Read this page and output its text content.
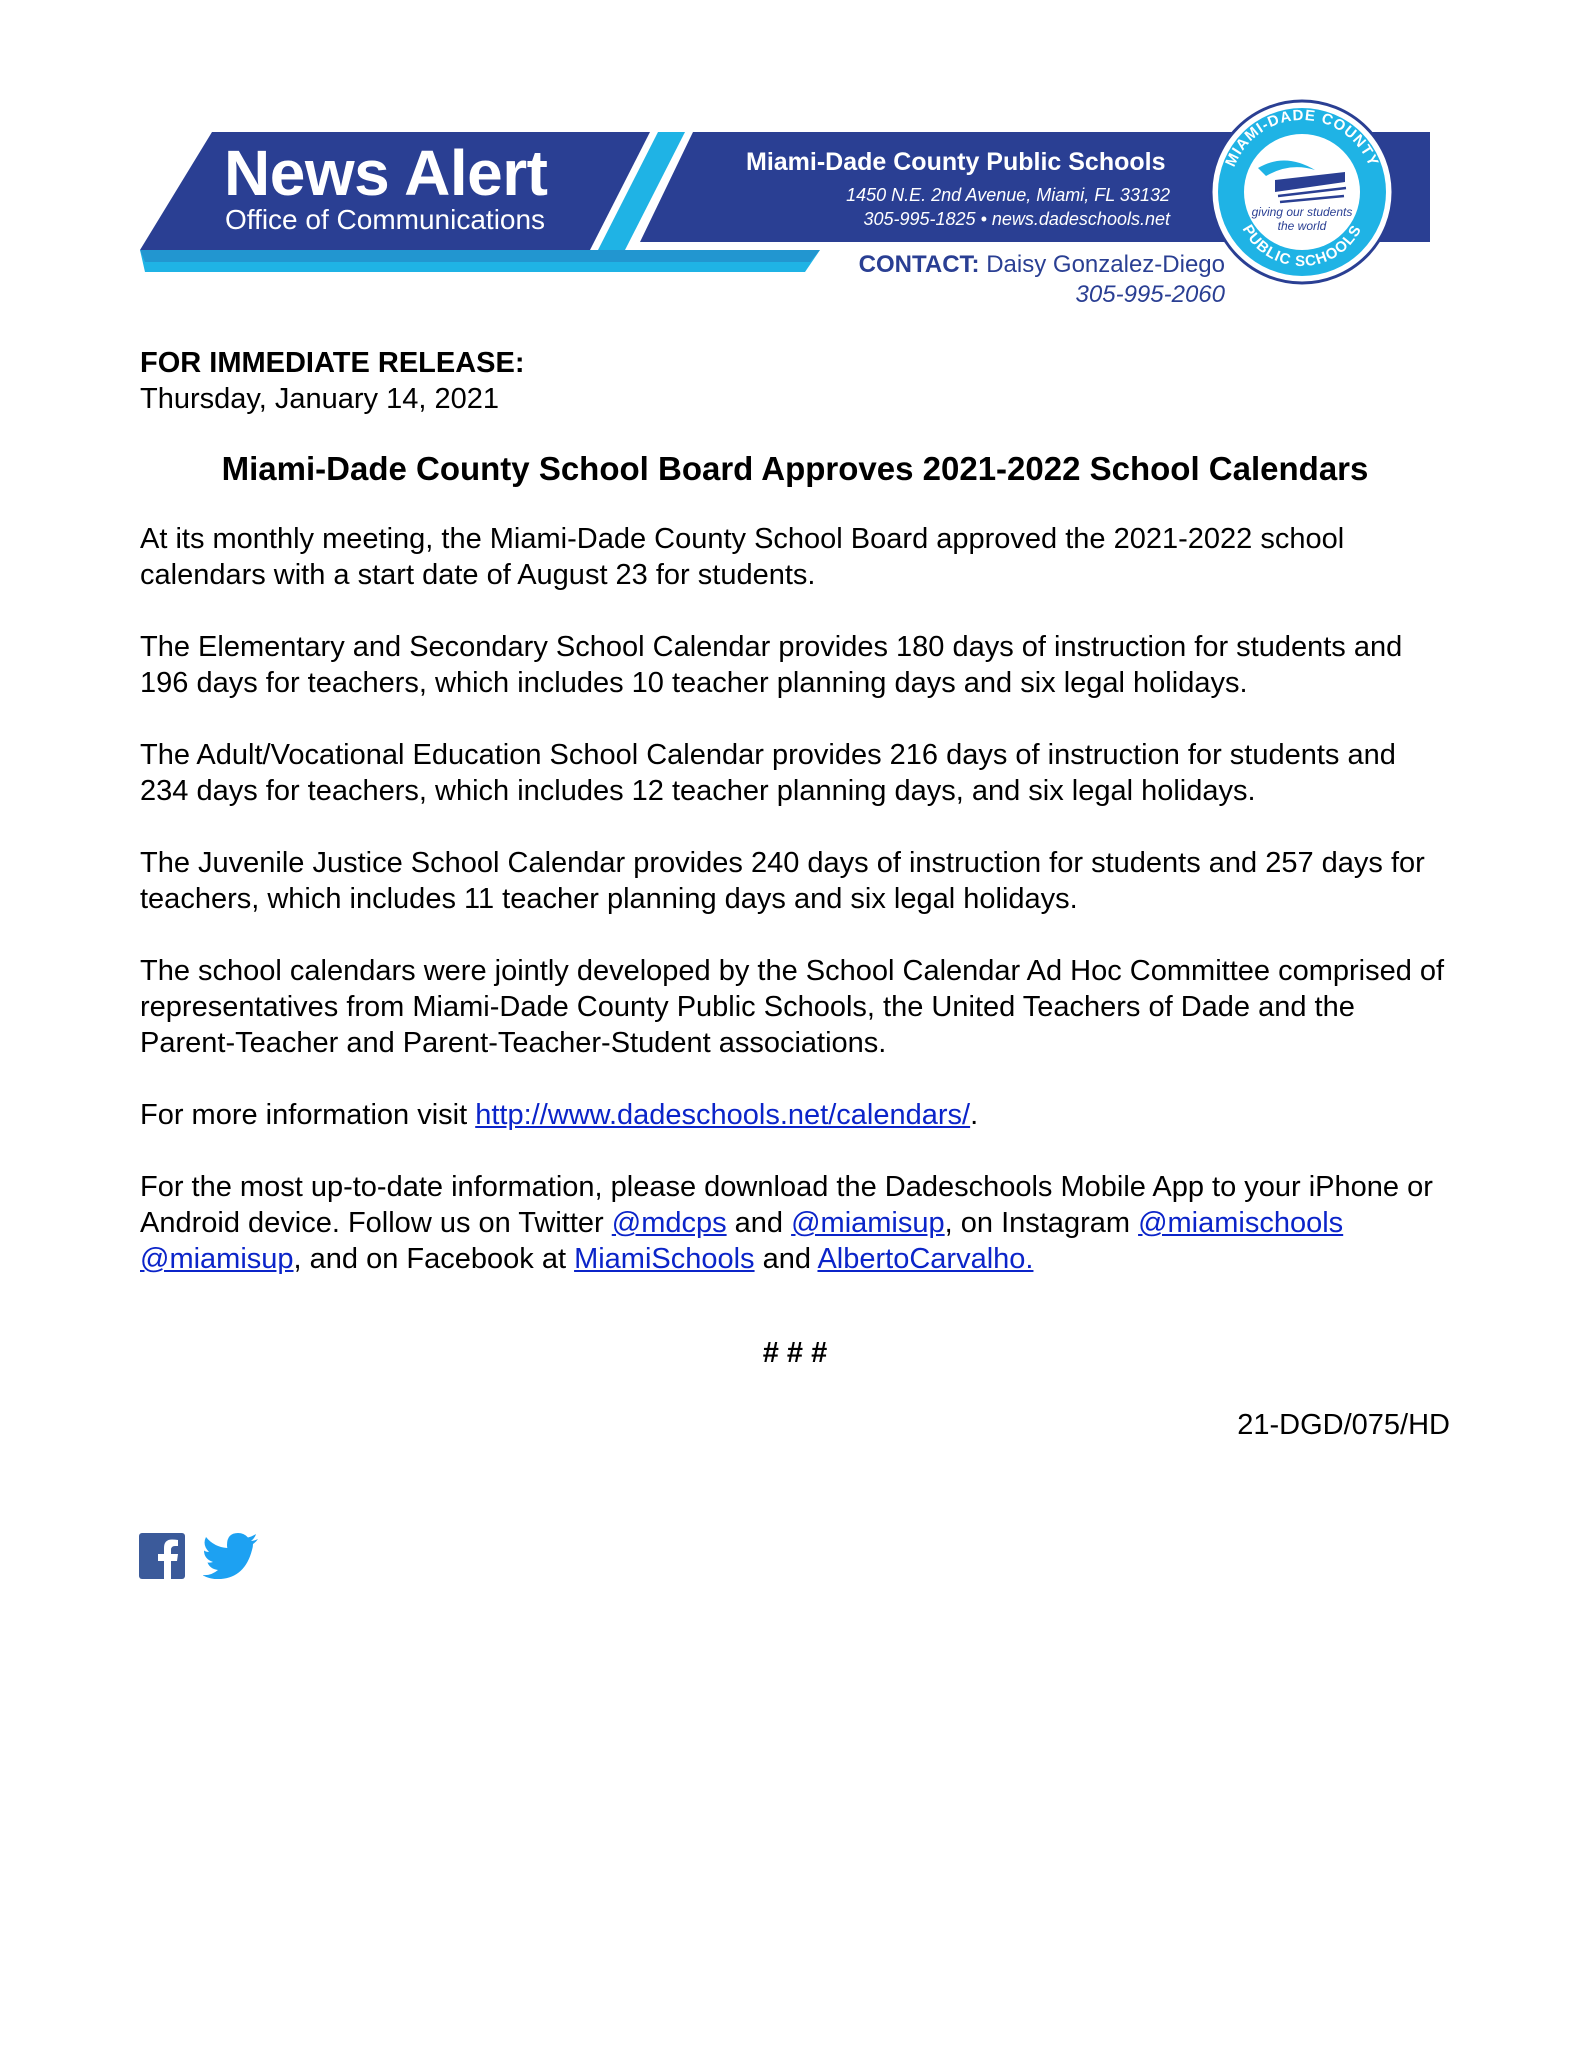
MIAMI-DADE COUNTY
PUBLIC SCHOOLS
giving our students
the world
News Alert
Office of Communications
Miami-Dade County Public Schools
1450 N.E. 2nd Avenue, Miami, FL 33132
305-995-1825 • news.dadeschools.net
CONTACT: Daisy Gonzalez-Diego
305-995-2060
FOR IMMEDIATE RELEASE:
Thursday, January 14, 2021
Miami-Dade County School Board Approves 2021-2022 School Calendars

At its monthly meeting, the Miami-Dade County School Board approved the 2021-2022 school calendars with a start date of August 23 for students.

The Elementary and Secondary School Calendar provides 180 days of instruction for students and 196 days for teachers, which includes 10 teacher planning days and six legal holidays.

The Adult/Vocational Education School Calendar provides 216 days of instruction for students and 234 days for teachers, which includes 12 teacher planning days, and six legal holidays.

The Juvenile Justice School Calendar provides 240 days of instruction for students and 257 days for teachers, which includes 11 teacher planning days and six legal holidays.

The school calendars were jointly developed by the School Calendar Ad Hoc Committee comprised of representatives from Miami-Dade County Public Schools, the United Teachers of Dade and the Parent-Teacher and Parent-Teacher-Student associations.

For more information visit http://www.dadeschools.net/calendars/.

For the most up-to-date information, please download the Dadeschools Mobile App to your iPhone or Android device. Follow us on Twitter @mdcps and @miamisup, on Instagram @miamischools @miamisup, and on Facebook at MiamiSchools and AlbertoCarvalho.

# # #
21-DGD/075/HD
